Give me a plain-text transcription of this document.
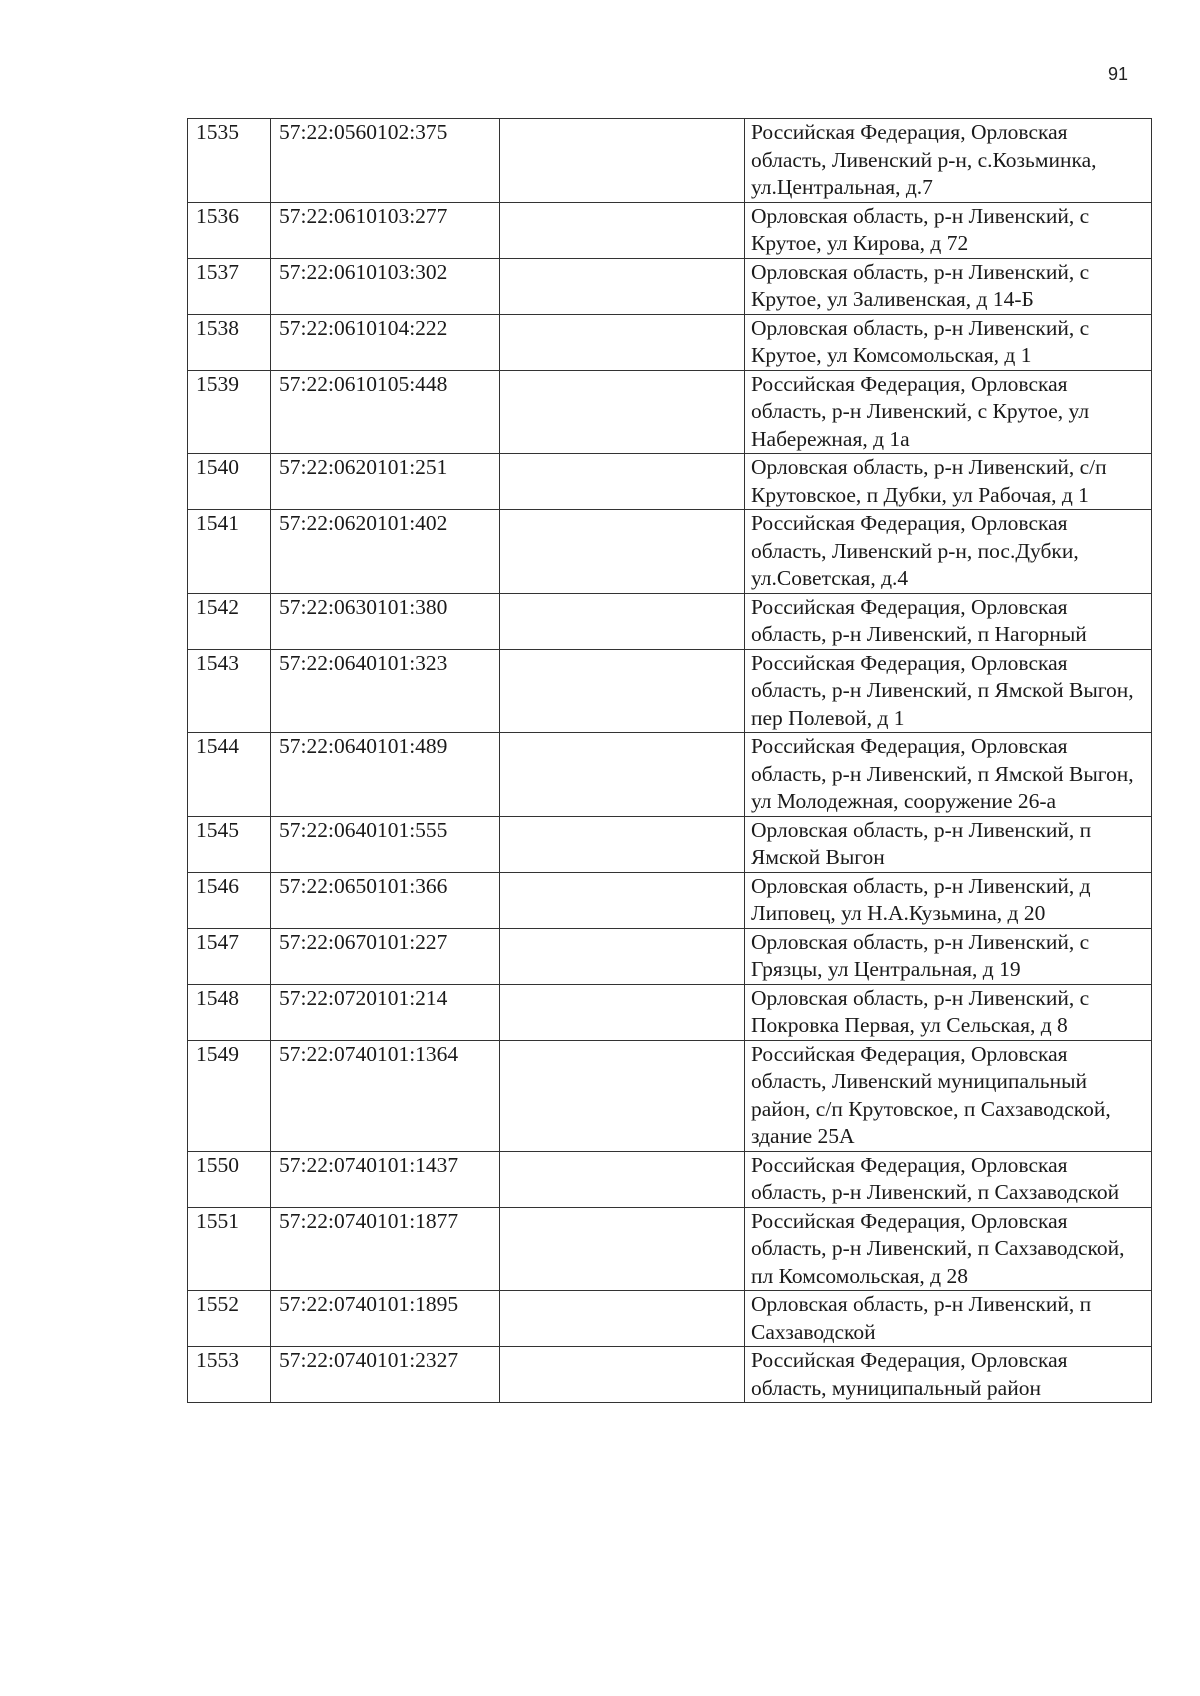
91
1535	57:22:0560102:375		Российская Федерация, Орловская область, Ливенский р-н, с.Козьминка, ул.Центральная, д.7
1536	57:22:0610103:277		Орловская область, р-н Ливенский, с Крутое, ул Кирова, д 72
1537	57:22:0610103:302		Орловская область, р-н Ливенский, с Крутое, ул Заливенская, д 14-Б
1538	57:22:0610104:222		Орловская область, р-н Ливенский, с Крутое, ул Комсомольская, д 1
1539	57:22:0610105:448		Российская Федерация, Орловская область, р-н Ливенский, с Крутое, ул Набережная, д 1а
1540	57:22:0620101:251		Орловская область, р-н Ливенский, с/п Крутовское, п Дубки, ул Рабочая, д 1
1541	57:22:0620101:402		Российская Федерация, Орловская область, Ливенский р-н, пос.Дубки, ул.Советская, д.4
1542	57:22:0630101:380		Российская Федерация, Орловская область, р-н Ливенский, п Нагорный
1543	57:22:0640101:323		Российская Федерация, Орловская область, р-н Ливенский, п Ямской Выгон, пер Полевой, д 1
1544	57:22:0640101:489		Российская Федерация, Орловская область, р-н Ливенский, п Ямской Выгон, ул Молодежная, сооружение 26-а
1545	57:22:0640101:555		Орловская область, р-н Ливенский, п Ямской Выгон
1546	57:22:0650101:366		Орловская область, р-н Ливенский, д Липовец, ул Н.А.Кузьмина, д 20
1547	57:22:0670101:227		Орловская область, р-н Ливенский, с Грязцы, ул Центральная, д 19
1548	57:22:0720101:214		Орловская область, р-н Ливенский, с Покровка Первая, ул Сельская, д 8
1549	57:22:0740101:1364		Российская Федерация, Орловская область, Ливенский муниципальный район, с/п Крутовское, п Сахзаводской, здание 25А
1550	57:22:0740101:1437		Российская Федерация, Орловская область, р-н Ливенский, п Сахзаводской
1551	57:22:0740101:1877		Российская Федерация, Орловская область, р-н Ливенский, п Сахзаводской, пл Комсомольская, д 28
1552	57:22:0740101:1895		Орловская область, р-н Ливенский, п Сахзаводской
1553	57:22:0740101:2327		Российская Федерация, Орловская область, муниципальный район
